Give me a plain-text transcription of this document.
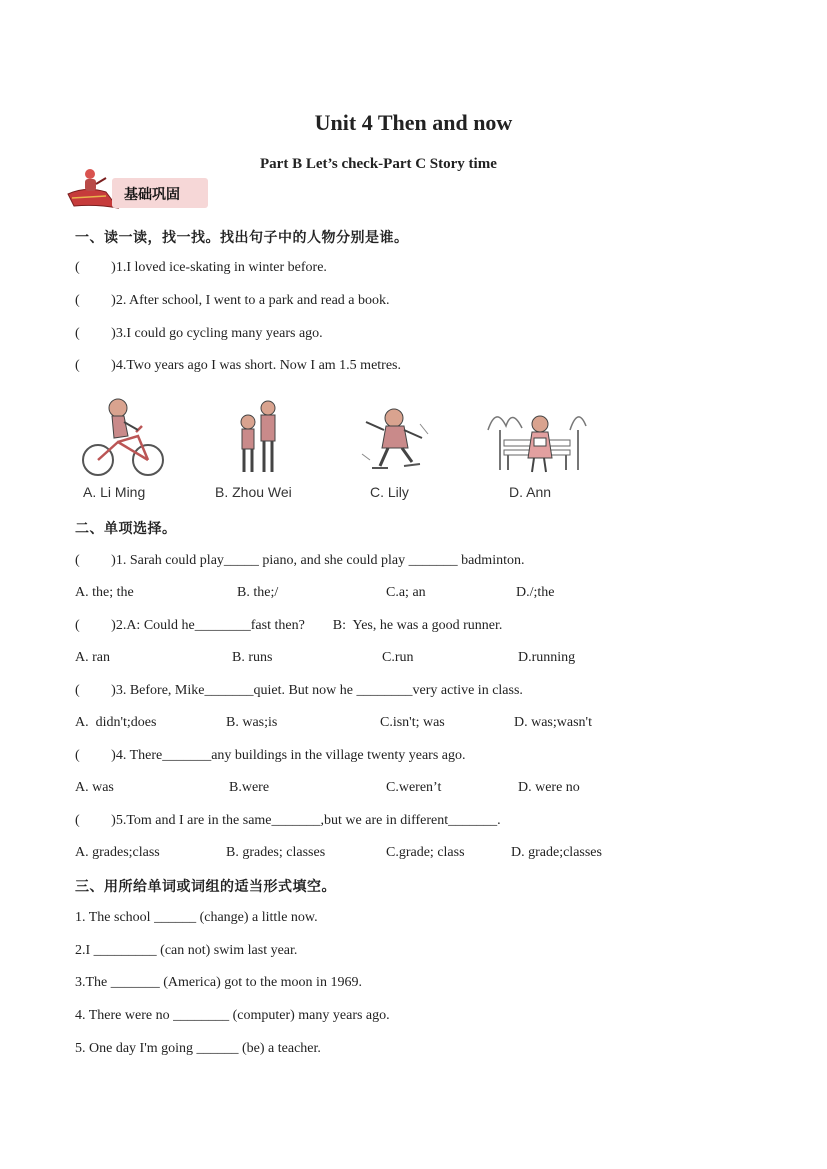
Unit 4 Then and now
Part B Let’s check-Part C Story time
基础巩固
一、读一读，找一找。找出句子中的人物分别是谁。
(         )1.I loved ice-skating in winter before.
(         )2. After school, I went to a park and read a book.
(         )3.I could go cycling many years ago.
(         )4.Two years ago I was short. Now I am 1.5 metres.
A. Li Ming	B. Zhou Wei	C. Lily	D. Ann
二、单项选择。
(         )1. Sarah could play_____ piano, and she could play _______ badminton.
A. the; the	B. the;/	C.a; an	D./;the
(         )2.A: Could he________fast then?        B:  Yes, he was a good runner.
A. ran	B. runs	C.run	D.running
(         )3. Before, Mike_______quiet. But now he ________very active in class.
A.  didn't;does	B. was;is	C.isn't; was	D. was;wasn't
(         )4. There_______any buildings in the village twenty years ago.
A. was	B.were	C.weren’t	D. were no
(         )5.Tom and I are in the same_______,but we are in different_______.
A. grades;class	B. grades; classes	C.grade; class	D. grade;classes
三、用所给单词或词组的适当形式填空。
1. The school ______ (change) a little now.
2.I _________ (can not) swim last year.
3.The _______ (America) got to the moon in 1969.
4. There were no ________ (computer) many years ago.
5. One day I'm going ______ (be) a teacher.
